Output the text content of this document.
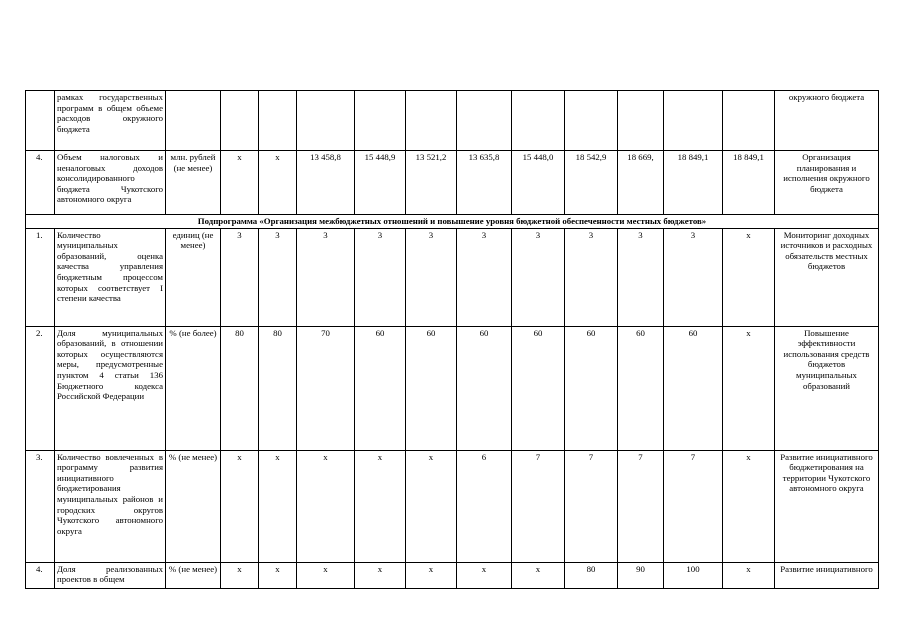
	рамках государственных программ в общем объеме расходов окружного бюджета													окружного бюджета
4.	Объем налоговых и неналоговых доходов консолидированного бюджета Чукотского автономного округа	млн. рублей (не менее)	х	х	13 458,8	15 448,9	13 521,2	13 635,8	15 448,0	18 542,9	18 669,	18 849,1	18 849,1	Организация планирования и исполнения окружного бюджета
Подпрограмма «Организация межбюджетных отношений и повышение уровня бюджетной обеспеченности местных бюджетов»														
1.	Количество муниципальных образований, оценка качества управления бюджетным процессом которых соответствует I степени качества	единиц (не менее)	3	3	3	3	3	3	3	3	3	3	х	Мониторинг доходных источников и расходных обязательств местных бюджетов
2.	Доля муниципальных образований, в отношении которых осуществляются меры, предусмотренные пунктом 4 статьи 136 Бюджетного кодекса Российской Федерации	% (не более)	80	80	70	60	60	60	60	60	60	60	х	Повышение эффективности использования средств бюджетов муниципальных образований
3.	Количество вовлеченных в программу развития инициативного бюджетирования муниципальных районов и городских округов Чукотского автономного округа	% (не менее)	х	х	х	х	х	6	7	7	7	7	х	Развитие инициативного бюджетирования на территории Чукотского автономного округа
4.	Доля реализованных проектов в общем	% (не менее)	х	х	х	х	х	х	х	80	90	100	х	Развитие инициативного
